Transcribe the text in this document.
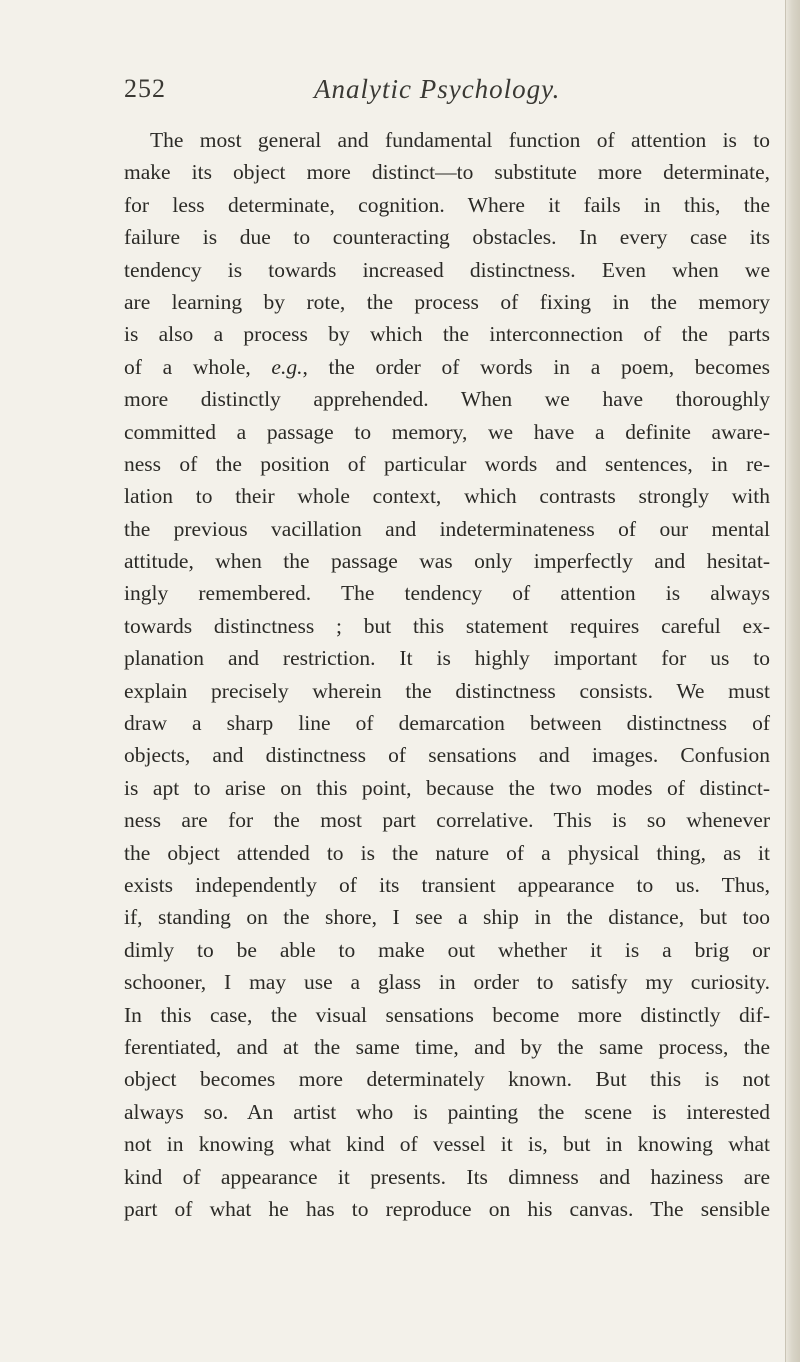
252	Analytic Psychology.
The most general and fundamental function of attention is to
make its object more distinct—to substitute more determinate,
for less determinate, cognition. Where it fails in this, the
failure is due to counteracting obstacles. In every case its
tendency is towards increased distinctness. Even when we
are learning by rote, the process of fixing in the memory
is also a process by which the interconnection of the parts
of a whole, e.g., the order of words in a poem, becomes
more distinctly apprehended. When we have thoroughly
committed a passage to memory, we have a definite aware-
ness of the position of particular words and sentences, in re-
lation to their whole context, which contrasts strongly with
the previous vacillation and indeterminateness of our mental
attitude, when the passage was only imperfectly and hesitat-
ingly remembered. The tendency of attention is always
towards distinctness ; but this statement requires careful ex-
planation and restriction. It is highly important for us to
explain precisely wherein the distinctness consists. We must
draw a sharp line of demarcation between distinctness of
objects, and distinctness of sensations and images. Confusion
is apt to arise on this point, because the two modes of distinct-
ness are for the most part correlative. This is so whenever
the object attended to is the nature of a physical thing, as it
exists independently of its transient appearance to us. Thus,
if, standing on the shore, I see a ship in the distance, but too
dimly to be able to make out whether it is a brig or
schooner, I may use a glass in order to satisfy my curiosity.
In this case, the visual sensations become more distinctly dif-
ferentiated, and at the same time, and by the same process, the
object becomes more determinately known. But this is not
always so. An artist who is painting the scene is interested
not in knowing what kind of vessel it is, but in knowing what
kind of appearance it presents. Its dimness and haziness are
part of what he has to reproduce on his canvas. The sensible
